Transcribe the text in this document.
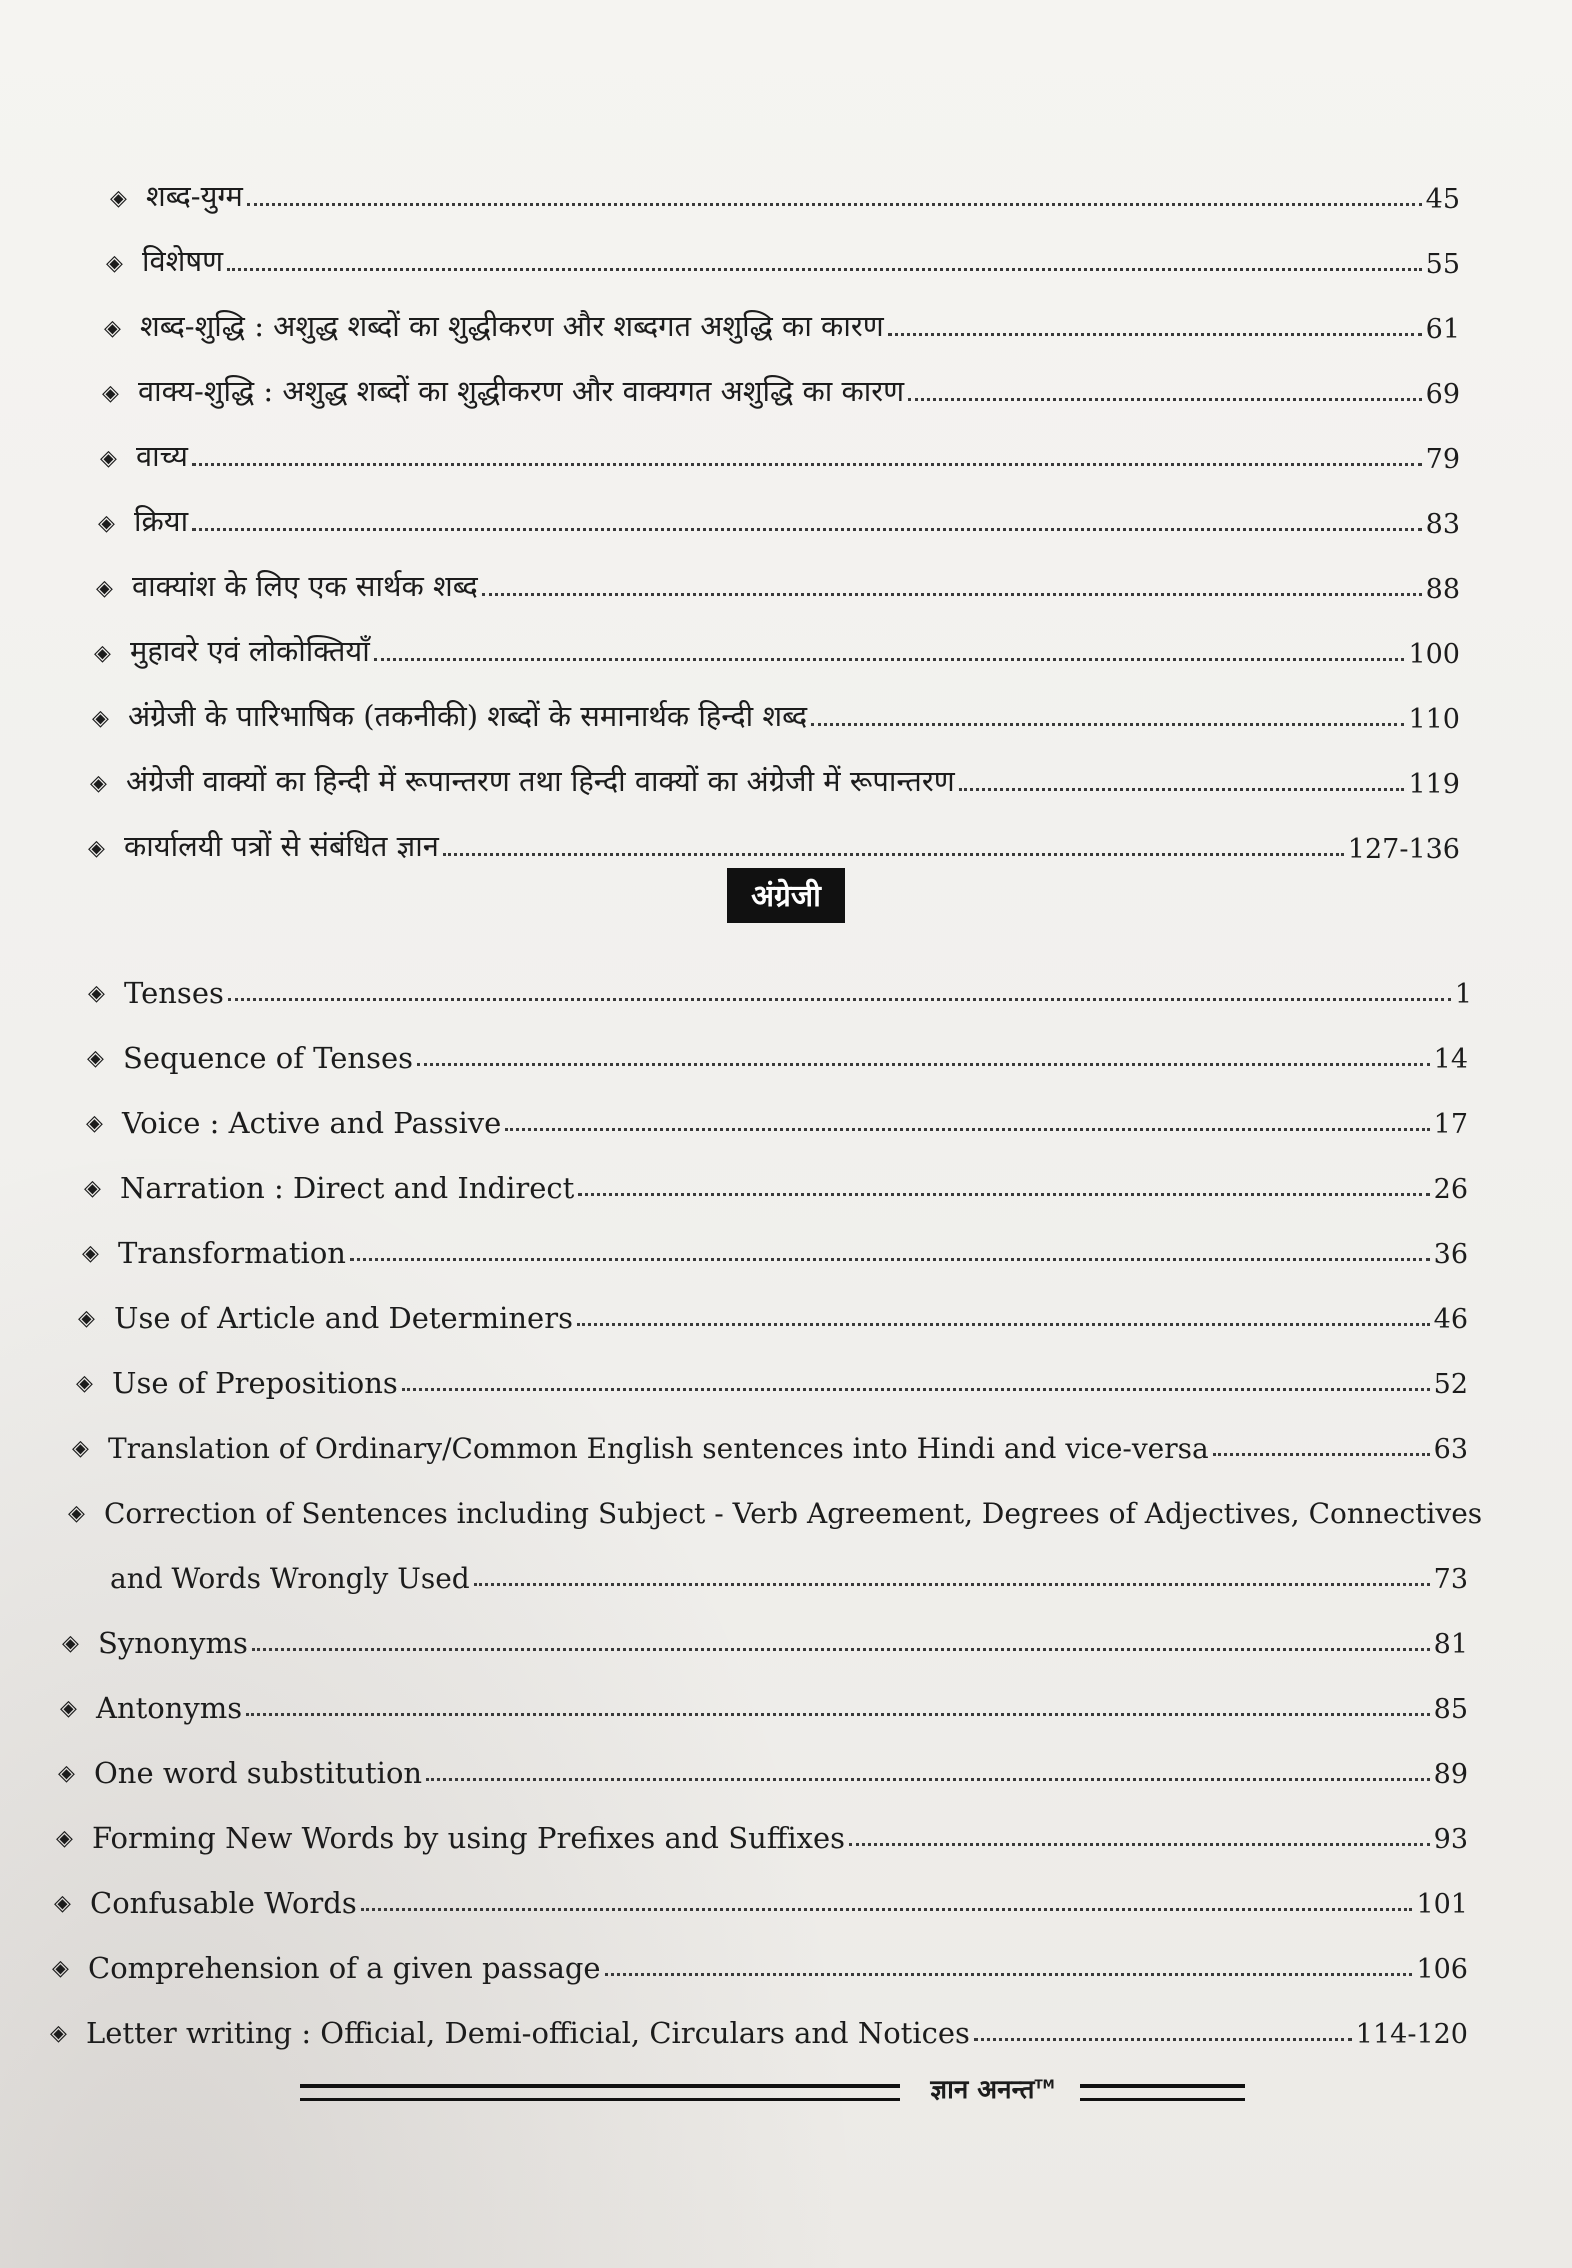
◈ शब्द-युग्म	45
◈ विशेषण	55
◈ शब्द-शुद्धि : अशुद्ध शब्दों का शुद्धीकरण और शब्दगत अशुद्धि का कारण	61
◈ वाक्य-शुद्धि : अशुद्ध शब्दों का शुद्धीकरण और वाक्यगत अशुद्धि का कारण	69
◈ वाच्य	79
◈ क्रिया	83
◈ वाक्यांश के लिए एक सार्थक शब्द	88
◈ मुहावरे एवं लोकोक्तियाँ	100
◈ अंग्रेजी के पारिभाषिक (तकनीकी) शब्दों के समानार्थक हिन्दी शब्द	110
◈ अंग्रेजी वाक्यों का हिन्दी में रूपान्तरण तथा हिन्दी वाक्यों का अंग्रेजी में रूपान्तरण	119
◈ कार्यालयी पत्रों से संबंधित ज्ञान	127-136
अंग्रेजी
◈ Tenses	1
◈ Sequence of Tenses	14
◈ Voice : Active and Passive	17
◈ Narration : Direct and Indirect	26
◈ Transformation	36
◈ Use of Article and Determiners	46
◈ Use of Prepositions	52
◈ Translation of Ordinary/Common English sentences into Hindi and vice-versa	63
◈ Correction of Sentences including Subject - Verb Agreement, Degrees of Adjectives, Connectives
and Words Wrongly Used	73
◈ Synonyms	81
◈ Antonyms	85
◈ One word substitution	89
◈ Forming New Words by using Prefixes and Suffixes	93
◈ Confusable Words	101
◈ Comprehension of a given passage	106
◈ Letter writing : Official, Demi-official, Circulars and Notices	114-120
ज्ञान अनन्त™
